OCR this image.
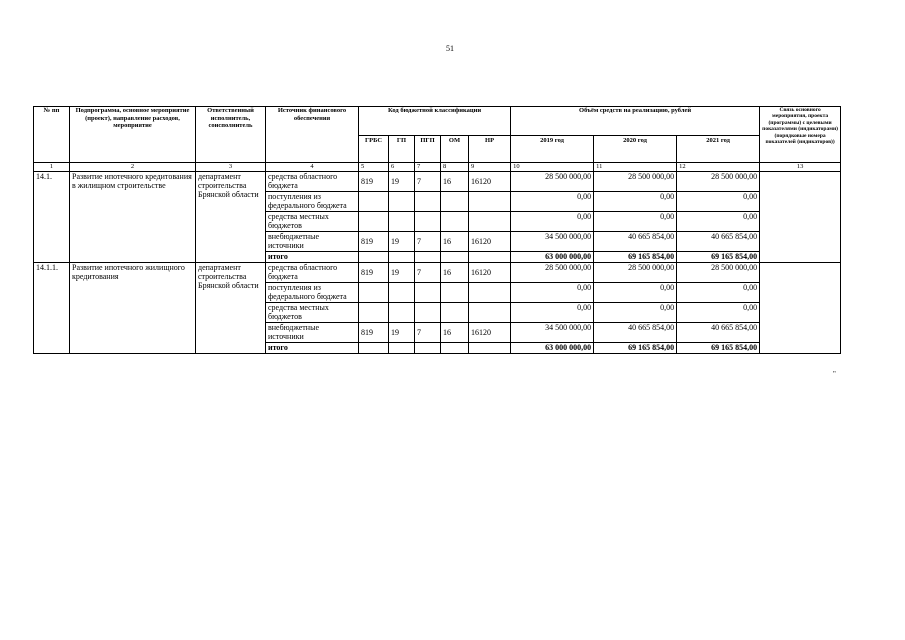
51
№ пп	Подпрограмма, основное мероприятие (проект), направление расходов, мероприятие	Ответственный исполнитель, соисполнитель	Источник финансового обеспечения	Код бюджетной классификации					Объём средств на реализацию, рублей			Связь основного мероприятия, проекта (программы) с целевыми показателями (индикаторами) (порядковые номера показателей (индикаторов))
				ГРБС	ГП	ПГП	ОМ	НР	2019 год	2020 год	2021 год	
1	2	3	4	5	6	7	8	9	10	11	12	13
14.1.	Развитие ипотечного кредитования в жилищном строительстве	департамент строительства Брянской области	средства областного бюджета	819	19	7	16	16120	28 500 000,00	28 500 000,00	28 500 000,00	
			поступления из федерального бюджета						0,00	0,00	0,00	
			средства местных бюджетов						0,00	0,00	0,00	
			внебюджетные источники	819	19	7	16	16120	34 500 000,00	40 665 854,00	40 665 854,00	
			итого						63 000 000,00	69 165 854,00	69 165 854,00	
14.1.1.	Развитие ипотечного жилищного кредитования	департамент строительства Брянской области	средства областного бюджета	819	19	7	16	16120	28 500 000,00	28 500 000,00	28 500 000,00	
			поступления из федерального бюджета						0,00	0,00	0,00	
			средства местных бюджетов						0,00	0,00	0,00	
			внебюджетные источники	819	19	7	16	16120	34 500 000,00	40 665 854,00	40 665 854,00	
			итого						63 000 000,00	69 165 854,00	69 165 854,00	
"
